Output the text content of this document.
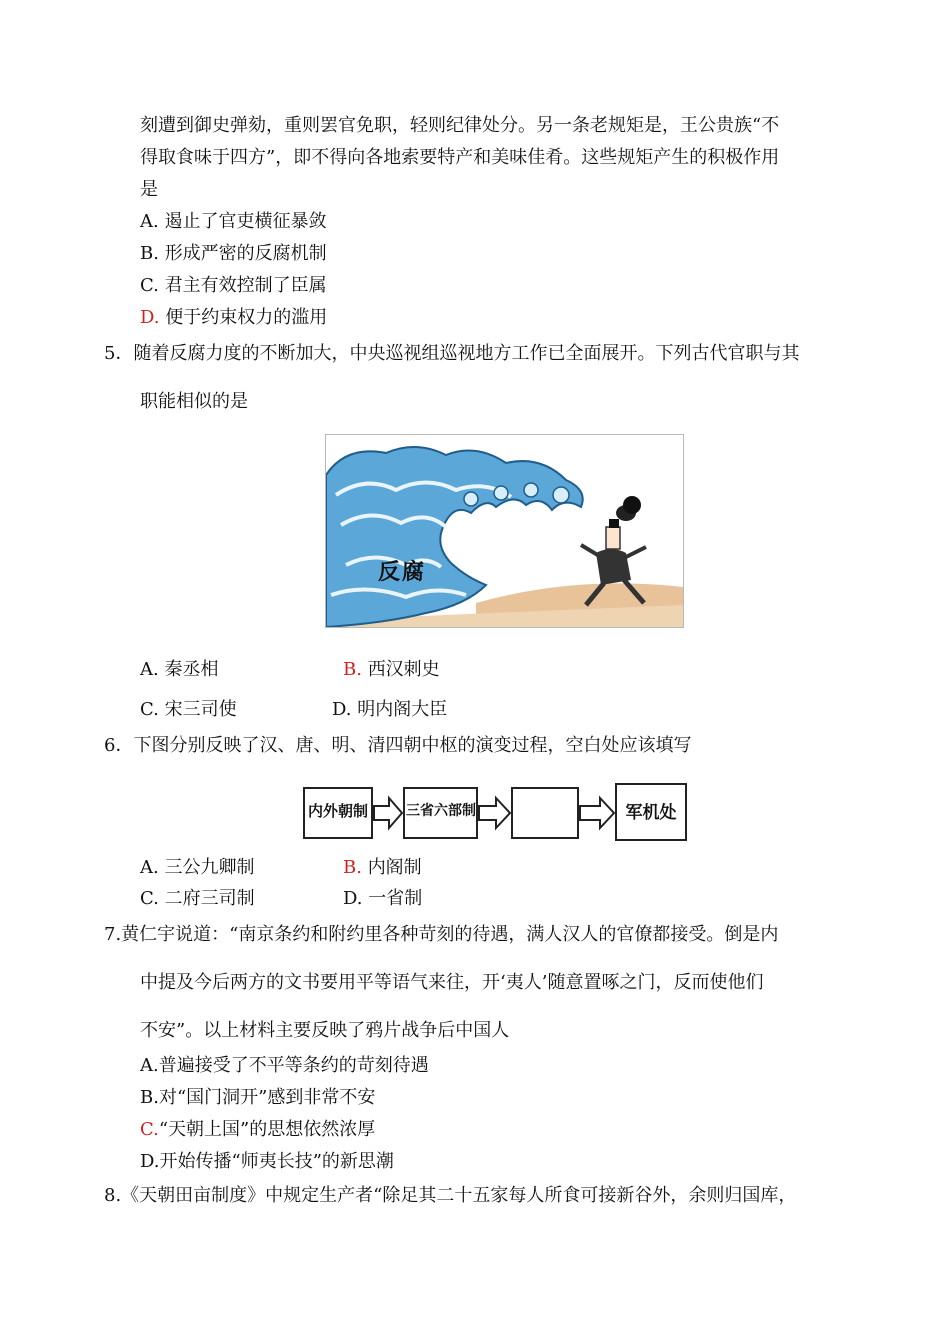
刻遭到御史弹劾，重则罢官免职，轻则纪律处分。另一条老规矩是，王公贵族“不
得取食味于四方”，即不得向各地索要特产和美味佳肴。这些规矩产生的积极作用
是
A. 遏止了官吏横征暴敛
B. 形成严密的反腐机制
C. 君主有效控制了臣属
D. 便于约束权力的滥用
5．随着反腐力度的不断加大，中央巡视组巡视地方工作已全面展开。下列古代官职与其
职能相似的是
反腐
A. 秦丞相	B. 西汉刺史
C. 宋三司使	D. 明内阁大臣
6．下图分别反映了汉、唐、明、清四朝中枢的演变过程，空白处应该填写
内外朝制	三省六部制	军机处
A. 三公九卿制	B. 内阁制
C. 二府三司制	D. 一省制
7.黄仁宇说道：“南京条约和附约里各种苛刻的待遇，满人汉人的官僚都接受。倒是内
中提及今后两方的文书要用平等语气来往，开‘夷人’随意置啄之门，反而使他们
不安”。以上材料主要反映了鸦片战争后中国人
A.普遍接受了不平等条约的苛刻待遇
B.对“国门洞开”感到非常不安
C.“天朝上国”的思想依然浓厚
D.开始传播“师夷长技”的新思潮
8.《天朝田亩制度》中规定生产者“除足其二十五家每人所食可接新谷外，余则归国库，
